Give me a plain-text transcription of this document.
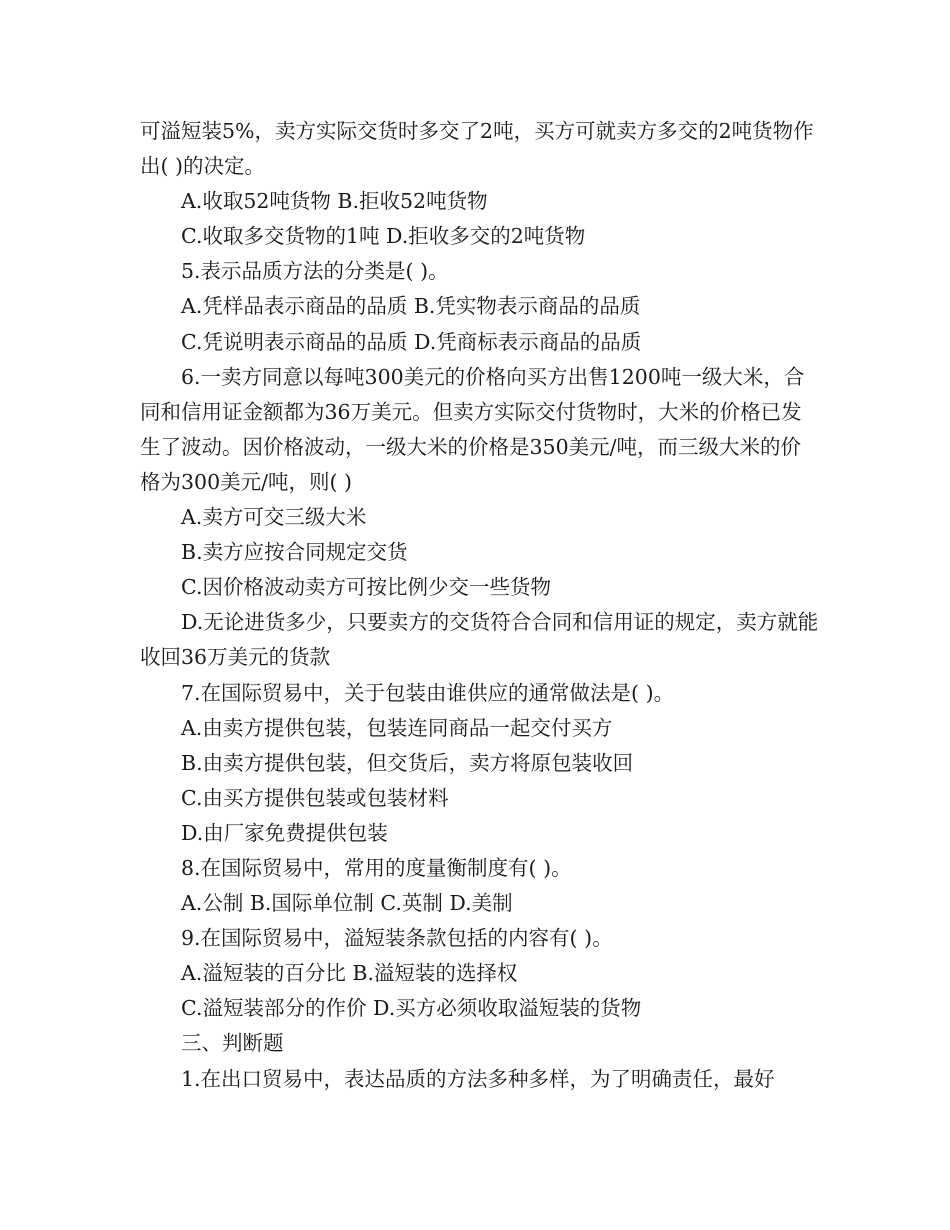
可溢短装5%，卖方实际交货时多交了2吨，买方可就卖方多交的2吨货物作出( )的决定。

A.收取52吨货物 B.拒收52吨货物

C.收取多交货物的1吨 D.拒收多交的2吨货物

5.表示品质方法的分类是( )。

A.凭样品表示商品的品质 B.凭实物表示商品的品质

C.凭说明表示商品的品质 D.凭商标表示商品的品质

6.一卖方同意以每吨300美元的价格向买方出售1200吨一级大米，合同和信用证金额都为36万美元。但卖方实际交付货物时，大米的价格已发生了波动。因价格波动，一级大米的价格是350美元/吨，而三级大米的价格为300美元/吨，则( )

A.卖方可交三级大米

B.卖方应按合同规定交货

C.因价格波动卖方可按比例少交一些货物

D.无论进货多少，只要卖方的交货符合合同和信用证的规定，卖方就能收回36万美元的货款

7.在国际贸易中，关于包装由谁供应的通常做法是( )。

A.由卖方提供包装，包装连同商品一起交付买方

B.由卖方提供包装，但交货后，卖方将原包装收回

C.由买方提供包装或包装材料

D.由厂家免费提供包装

8.在国际贸易中，常用的度量衡制度有( )。

A.公制 B.国际单位制 C.英制 D.美制

9.在国际贸易中，溢短装条款包括的内容有( )。

A.溢短装的百分比 B.溢短装的选择权

C.溢短装部分的作价 D.买方必须收取溢短装的货物

三、判断题

1.在出口贸易中，表达品质的方法多种多样，为了明确责任，最好
